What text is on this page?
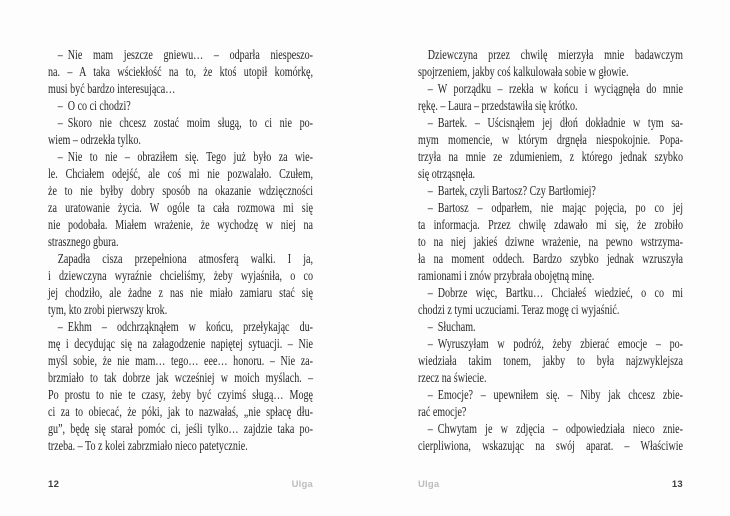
– Nie mam jeszcze gniewu… – odparła niespeszo-
na. – A taka wściekłość na to, że ktoś utopił komórkę,
musi być bardzo interesująca…
– O co ci chodzi?
– Skoro nie chcesz zostać moim sługą, to ci nie po-
wiem – odrzekła tylko.
– Nie to nie – obraziłem się. Tego już było za wie-
le. Chciałem odejść, ale coś mi nie pozwalało. Czułem,
że to nie byłby dobry sposób na okazanie wdzięczności
za uratowanie życia. W ogóle ta cała rozmowa mi się
nie podobała. Miałem wrażenie, że wychodzę w niej na
strasznego gbura.
Zapadła cisza przepełniona atmosferą walki. I ja,
i dziewczyna wyraźnie chcieliśmy, żeby wyjaśniła, o co
jej chodziło, ale żadne z nas nie miało zamiaru stać się
tym, kto zrobi pierwszy krok.
– Ekhm – odchrząknąłem w końcu, przełykając du-
mę i decydując się na załagodzenie napiętej sytuacji. – Nie
myśl sobie, że nie mam… tego… eee… honoru. – Nie za-
brzmiało to tak dobrze jak wcześniej w moich myślach. –
Po prostu to nie te czasy, żeby być czyimś sługą… Mogę
ci za to obiecać, że póki, jak to nazwałaś, „nie spłacę dłu-
gu”, będę się starał pomóc ci, jeśli tylko… zajdzie taka po-
trzeba. – To z kolei zabrzmiało nieco patetycznie.
12	Ulga
Dziewczyna przez chwilę mierzyła mnie badawczym
spojrzeniem, jakby coś kalkulowała sobie w głowie.
– W porządku – rzekła w końcu i wyciągnęła do mnie
rękę. – Laura – przedstawiła się krótko.
– Bartek. – Uścisnąłem jej dłoń dokładnie w tym sa-
mym momencie, w którym drgnęła niespokojnie. Popa-
trzyła na mnie ze zdumieniem, z którego jednak szybko
się otrząsnęła.
– Bartek, czyli Bartosz? Czy Bartłomiej?
– Bartosz – odparłem, nie mając pojęcia, po co jej
ta informacja. Przez chwilę zdawało mi się, że zrobiło
to na niej jakieś dziwne wrażenie, na pewno wstrzyma-
ła na moment oddech. Bardzo szybko jednak wzruszyła
ramionami i znów przybrała obojętną minę.
– Dobrze więc, Bartku… Chciałeś wiedzieć, o co mi
chodzi z tymi uczuciami. Teraz mogę ci wyjaśnić.
– Słucham.
– Wyruszyłam w podróż, żeby zbierać emocje – po-
wiedziała takim tonem, jakby to była najzwyklejsza
rzecz na świecie.
– Emocje? – upewniłem się. – Niby jak chcesz zbie-
rać emocje?
– Chwytam je w zdjęcia – odpowiedziała nieco znie-
cierpliwiona, wskazując na swój aparat. – Właściwie
Ulga	13
